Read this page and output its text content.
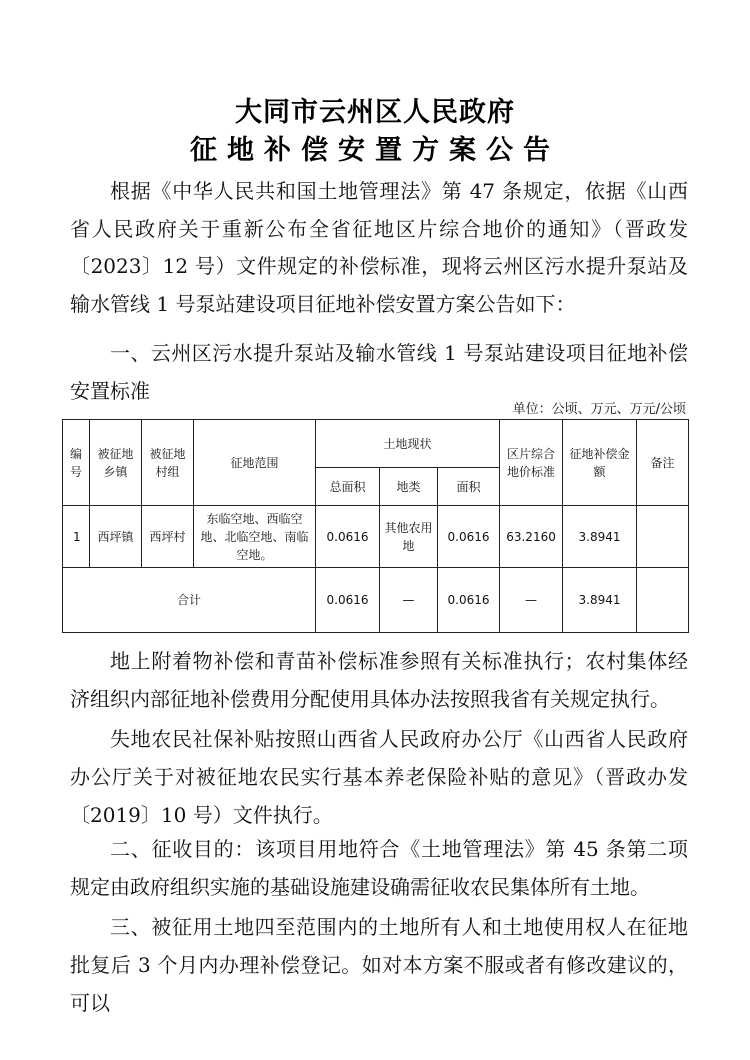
大同市云州区人民政府
征地补偿安置方案公告

根据《中华人民共和国土地管理法》第 47 条规定，依据《山西省人民政府关于重新公布全省征地区片综合地价的通知》（晋政发〔2023〕12 号）文件规定的补偿标准，现将云州区污水提升泵站及输水管线 1 号泵站建设项目征地补偿安置方案公告如下：

一、云州区污水提升泵站及输水管线 1 号泵站建设项目征地补偿安置标准

单位：公顷、万元、万元/公顷
编号	被征地乡镇	被征地村组	征地范围	土地现状			区片综合地价标准	征地补偿金额	备注
				总面积	地类	面积			
1	西坪镇	西坪村	东临空地、西临空地、北临空地、南临空地。	0.0616	其他农用地	0.0616	63.2160	3.8941	
合计				0.0616	—	0.0616	—	3.8941	

地上附着物补偿和青苗补偿标准参照有关标准执行；农村集体经济组织内部征地补偿费用分配使用具体办法按照我省有关规定执行。

失地农民社保补贴按照山西省人民政府办公厅《山西省人民政府办公厅关于对被征地农民实行基本养老保险补贴的意见》（晋政办发〔2019〕10 号）文件执行。

二、征收目的：该项目用地符合《土地管理法》第 45 条第二项规定由政府组织实施的基础设施建设确需征收农民集体所有土地。

三、被征用土地四至范围内的土地所有人和土地使用权人在征地批复后 3 个月内办理补偿登记。如对本方案不服或者有修改建议的，可以
